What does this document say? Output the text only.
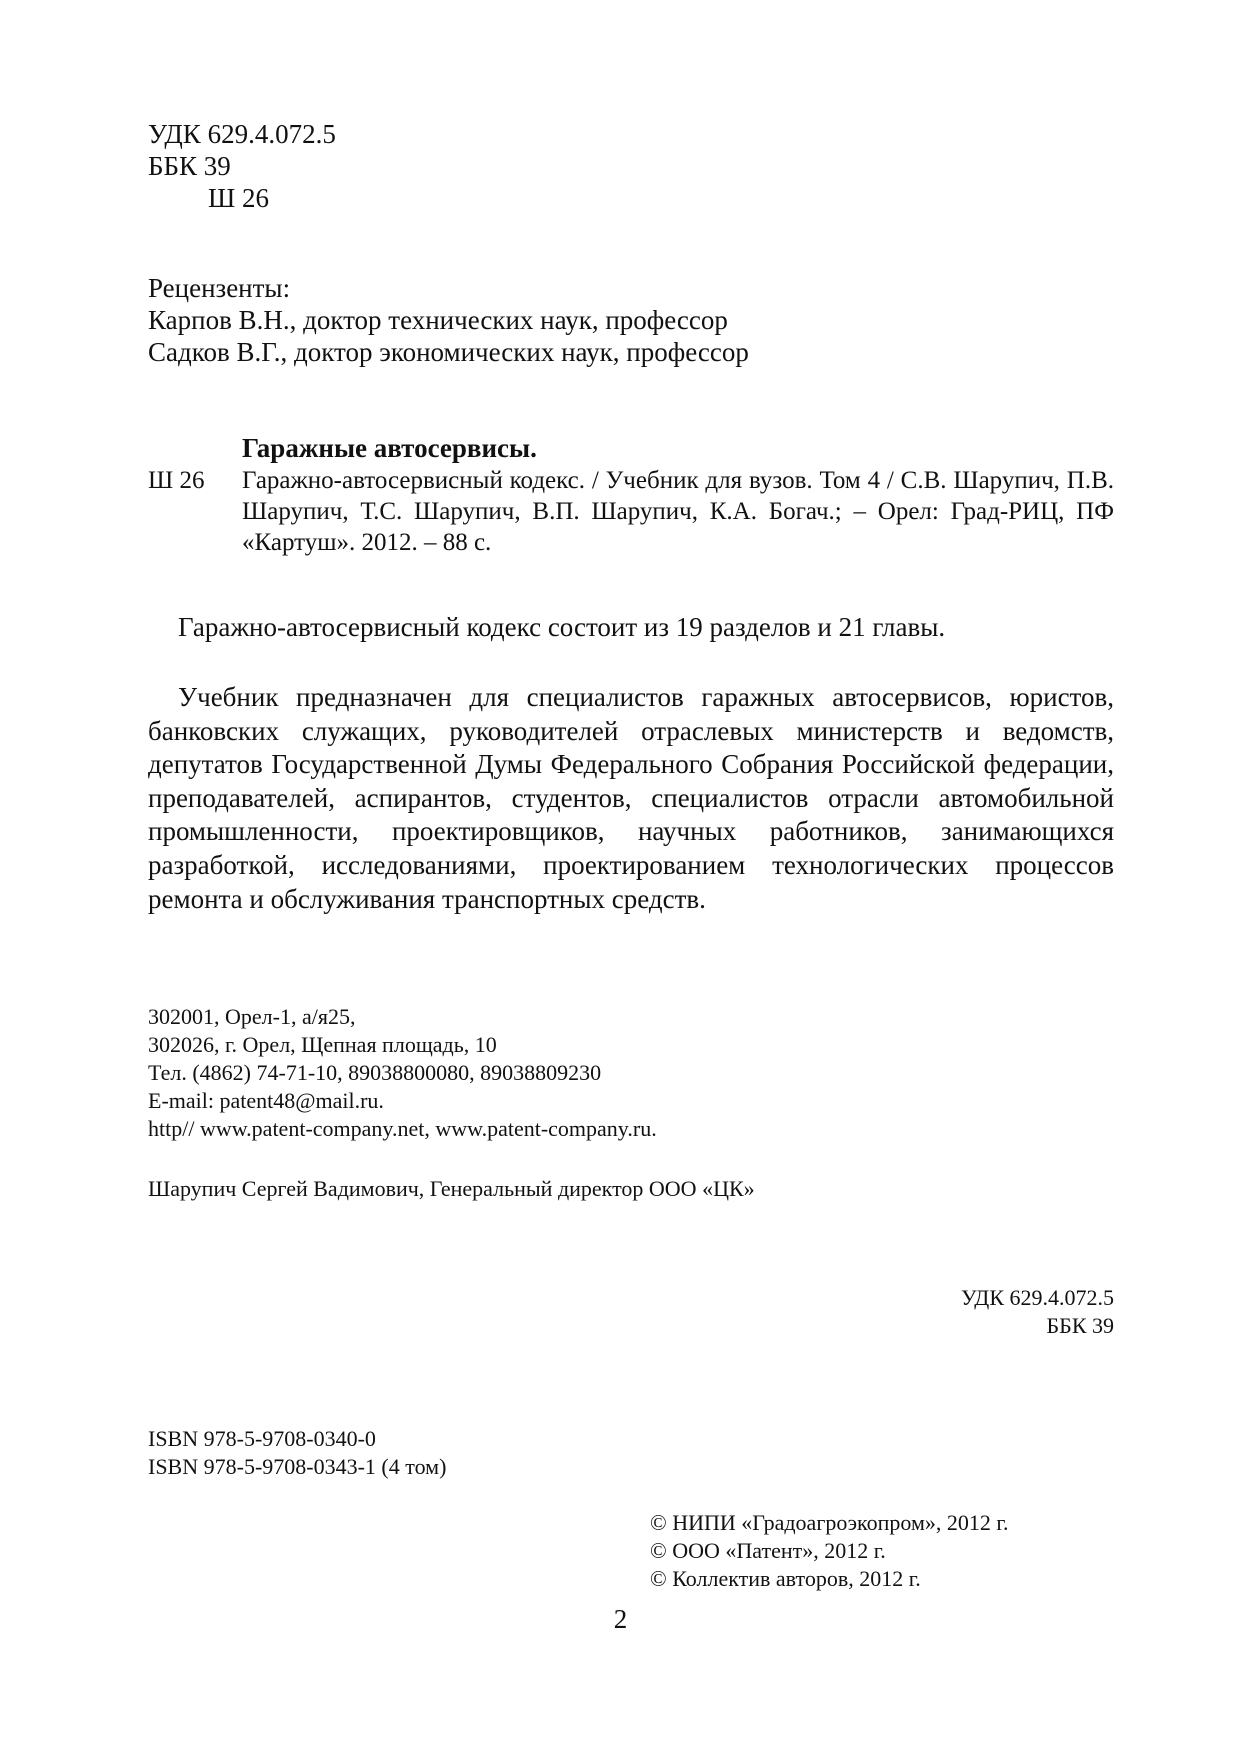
УДК 629.4.072.5
ББК 39
Ш 26
Рецензенты:
Карпов В.Н., доктор технических наук, профессор
Садков В.Г., доктор экономических наук, профессор
Гаражные автосервисы.
Ш 26	Гаражно-автосервисный кодекс. / Учебник для вузов. Том 4 / С.В. Шарупич, П.В. Шарупич, Т.С. Шарупич, В.П. Шарупич, К.А. Богач.; – Орел: Град-РИЦ, ПФ «Картуш». 2012. – 88 с.
Гаражно-автосервисный кодекс состоит из 19 разделов и 21 главы.
Учебник предназначен для специалистов гаражных автосервисов, юристов, банковских служащих, руководителей отраслевых министерств и ведомств, депутатов Государственной Думы Федерального Собрания Российской федерации, преподавателей, аспирантов, студентов, специалистов отрасли автомобильной промышленности, проектировщиков, научных работников, занимающихся разработкой, исследованиями, проектированием технологических процессов ремонта и обслуживания транспортных средств.
302001, Орел-1, а/я25,
302026, г. Орел, Щепная площадь, 10
Тел. (4862) 74-71-10, 89038800080, 89038809230
E-mail: patent48@mail.ru.
http// www.patent-company.net, www.patent-company.ru.
Шарупич Сергей Вадимович, Генеральный директор ООО «ЦК»
УДК 629.4.072.5
ББК 39
ISBN 978-5-9708-0340-0
ISBN 978-5-9708-0343-1 (4 том)
© НИПИ «Градоагроэкопром», 2012 г.
© ООО «Патент», 2012 г.
© Коллектив авторов, 2012 г.
2
